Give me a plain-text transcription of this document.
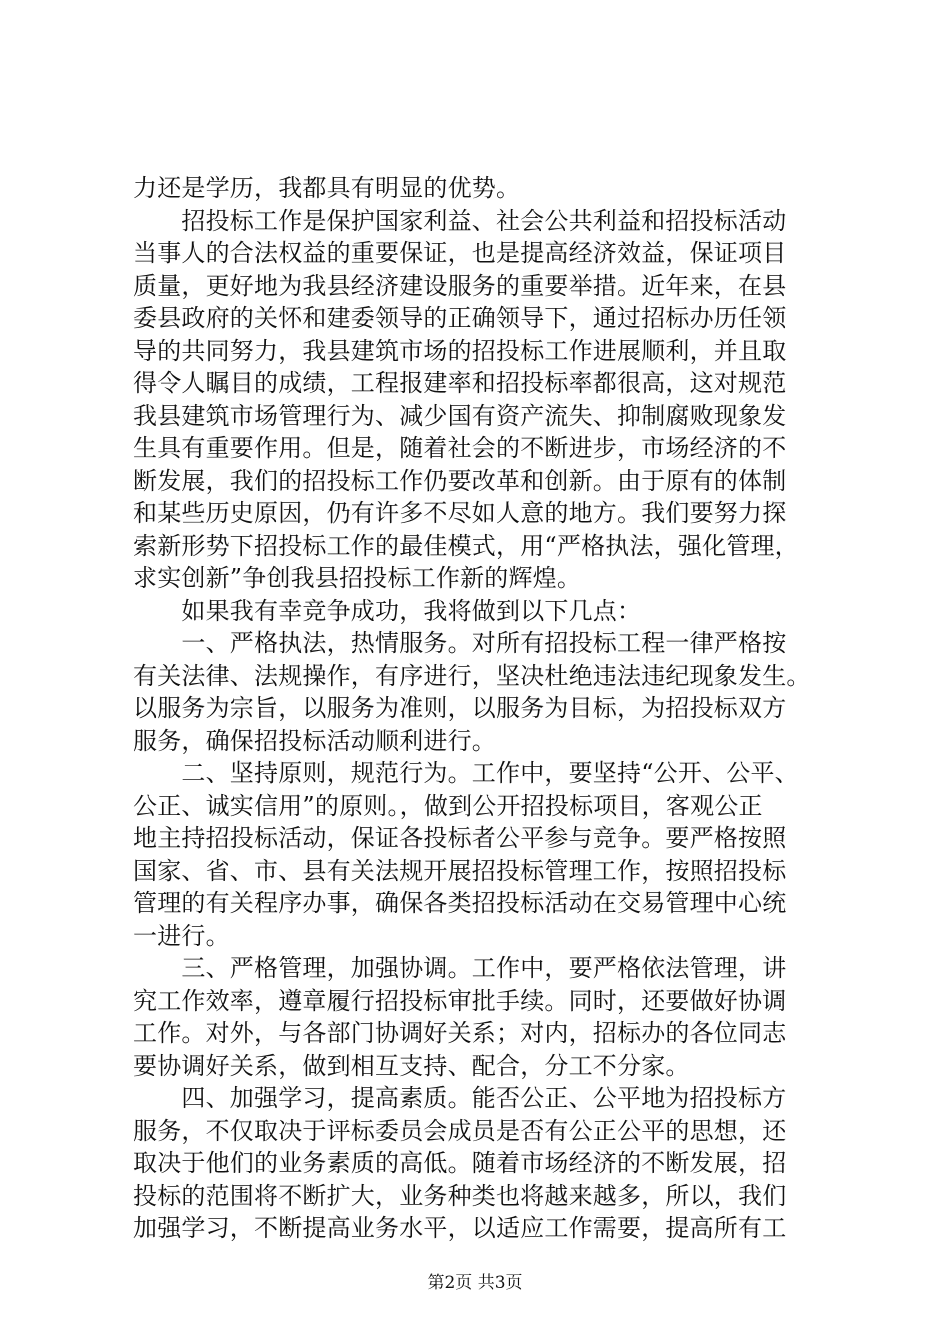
力还是学历，我都具有明显的优势。
　　招投标工作是保护国家利益、社会公共利益和招投标活动
当事人的合法权益的重要保证，也是提高经济效益，保证项目
质量，更好地为我县经济建设服务的重要举措。近年来，在县
委县政府的关怀和建委领导的正确领导下，通过招标办历任领
导的共同努力，我县建筑市场的招投标工作进展顺利，并且取
得令人瞩目的成绩，工程报建率和招投标率都很高，这对规范
我县建筑市场管理行为、减少国有资产流失、抑制腐败现象发
生具有重要作用。但是，随着社会的不断进步，市场经济的不
断发展，我们的招投标工作仍要改革和创新。由于原有的体制
和某些历史原因，仍有许多不尽如人意的地方。我们要努力探
索新形势下招投标工作的最佳模式，用“严格执法，强化管理，
求实创新”争创我县招投标工作新的辉煌。
　　如果我有幸竞争成功，我将做到以下几点：
　　一、严格执法，热情服务。对所有招投标工程一律严格按
有关法律、法规操作，有序进行，坚决杜绝违法违纪现象发生。
以服务为宗旨，以服务为准则，以服务为目标，为招投标双方
服务，确保招投标活动顺利进行。
　　二、坚持原则，规范行为。工作中，要坚持“公开、公平、
公正、诚实信用”的原则。，做到公开招投标项目，客观公正
地主持招投标活动，保证各投标者公平参与竞争。要严格按照
国家、省、市、县有关法规开展招投标管理工作，按照招投标
管理的有关程序办事，确保各类招投标活动在交易管理中心统
一进行。
　　三、严格管理，加强协调。工作中，要严格依法管理，讲
究工作效率，遵章履行招投标审批手续。同时，还要做好协调
工作。对外，与各部门协调好关系；对内，招标办的各位同志
要协调好关系，做到相互支持、配合，分工不分家。
　　四、加强学习，提高素质。能否公正、公平地为招投标方
服务，不仅取决于评标委员会成员是否有公正公平的思想，还
取决于他们的业务素质的高低。随着市场经济的不断发展，招
投标的范围将不断扩大，业务种类也将越来越多，所以，我们
加强学习，不断提高业务水平，以适应工作需要，提高所有工
第2页 共3页
